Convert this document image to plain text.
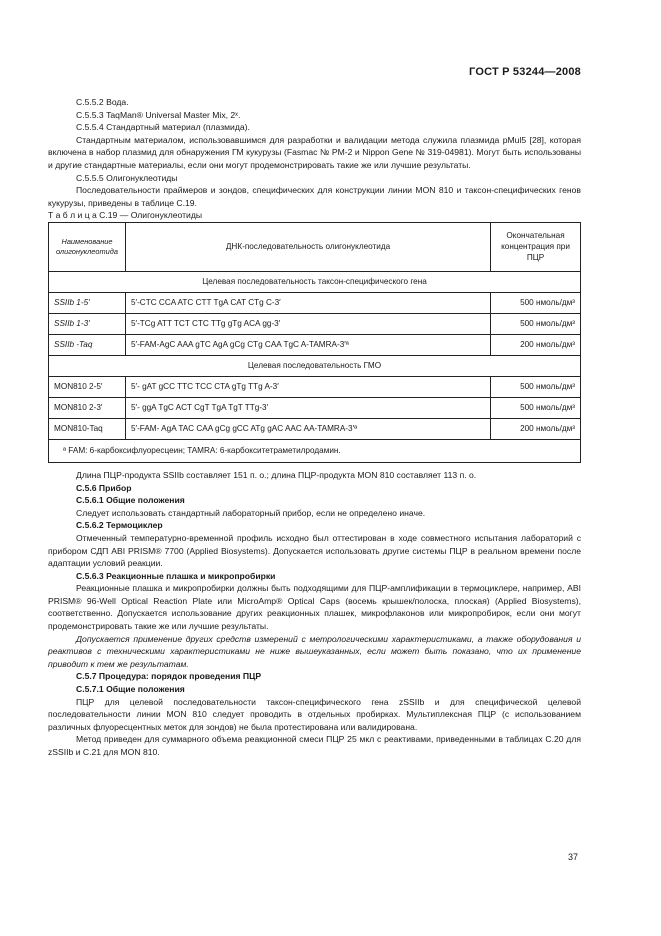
ГОСТ Р 53244—2008

С.5.5.2 Вода.

С.5.5.3 TaqMan® Universal Master Mix, 2ˣ.

С.5.5.4 Стандартный материал (плазмида).

Стандартным материалом, использовавшимся для разработки и валидации метода служила плазмида pMul5 [28], которая включена в набор плазмид для обнаружения ГМ кукурузы (Fasmac № PM-2 и Nippon Gene № 319-04981). Могут быть использованы и другие стандартные материалы, если они могут продемонстрировать такие же или лучшие результаты.

С.5.5.5 Олигонуклеотиды

Последовательности праймеров и зондов, специфических для конструкции линии MON 810 и таксон-специфических генов кукурузы, приведены в таблице С.19.

Т а б л и ц а С.19 — Олигонуклеотиды

Наименование олигонуклеотида	ДНК-последовательность олигонуклеотида	Окончательная концентрация при ПЦР
Целевая последовательность таксон-специфического гена		
SSIIb 1-5′	5′-CTC CCA ATC CTT TgA CAT CTg C-3′	500 нмоль/дм³
SSIIb 1-3′	5′-TCg ATT TCT CTC TTg gTg ACA gg-3′	500 нмоль/дм³
SSIIb -Taq	5′-FAM-AgC AAA gTC AgA gCg CTg CAA TgC A-TAMRA-3′ª	200 нмоль/дм³
Целевая последовательность ГМО		
MON810 2-5′	5′- gAT gCC TTC TCC CTA gTg TTg A-3′	500 нмоль/дм³
MON810 2-3′	5′- ggA TgC ACT CgT TgA TgT TTg-3′	500 нмоль/дм³
MON810-Taq	5′-FAM- AgA TAC CAA gCg gCC ATg gAC AAC AA-TAMRA-3′ª	200 нмоль/дм³
ª FAM: 6-карбоксифлуоресцеин; TAMRA: 6-карбокситетраметилродамин.		

Длина ПЦР-продукта SSIIb составляет 151 п. о.; длина ПЦР-продукта MON 810 составляет 113 п. о.

С.5.6 Прибор

С.5.6.1 Общие положения

Следует использовать стандартный лабораторный прибор, если не определено иначе.

С.5.6.2 Термоциклер

Отмеченный температурно-временной профиль исходно был оттестирован в ходе совместного испытания лабораторий с прибором СДП ABI PRISM® 7700 (Applied Biosystems). Допускается использовать другие системы ПЦР в реальном времени после адаптации условий реакции.

С.5.6.3 Реакционные плашка и микропробирки

Реакционные плашка и микропробирки должны быть подходящими для ПЦР-амплификации в термоциклере, например, ABI PRISM® 96-Well Optical Reaction Plate или MicroAmp® Optical Caps (восемь крышек/полоска, плоская) (Applied Biosystems), соответственно. Допускается использование других реакционных плашек, микрофлаконов или микропробирок, если они могут продемонстрировать такие же или лучшие результаты.

Допускается применение других средств измерений с метрологическими характеристиками, а также оборудования и реактивов с техническими характеристиками не ниже вышеуказанных, если может быть показано, что их применение приводит к тем же результатам.

С.5.7 Процедура: порядок проведения ПЦР

С.5.7.1 Общие положения

ПЦР для целевой последовательности таксон-специфического гена zSSIIb и для специфической целевой последовательности линии MON 810 следует проводить в отдельных пробирках. Мультиплексная ПЦР (с использованием различных флуоресцентных меток для зондов) не была протестирована или валидирована.

Метод приведен для суммарного объема реакционной смеси ПЦР 25 мкл с реактивами, приведенными в таблицах С.20 для zSSIIb и С.21 для MON 810.

37
